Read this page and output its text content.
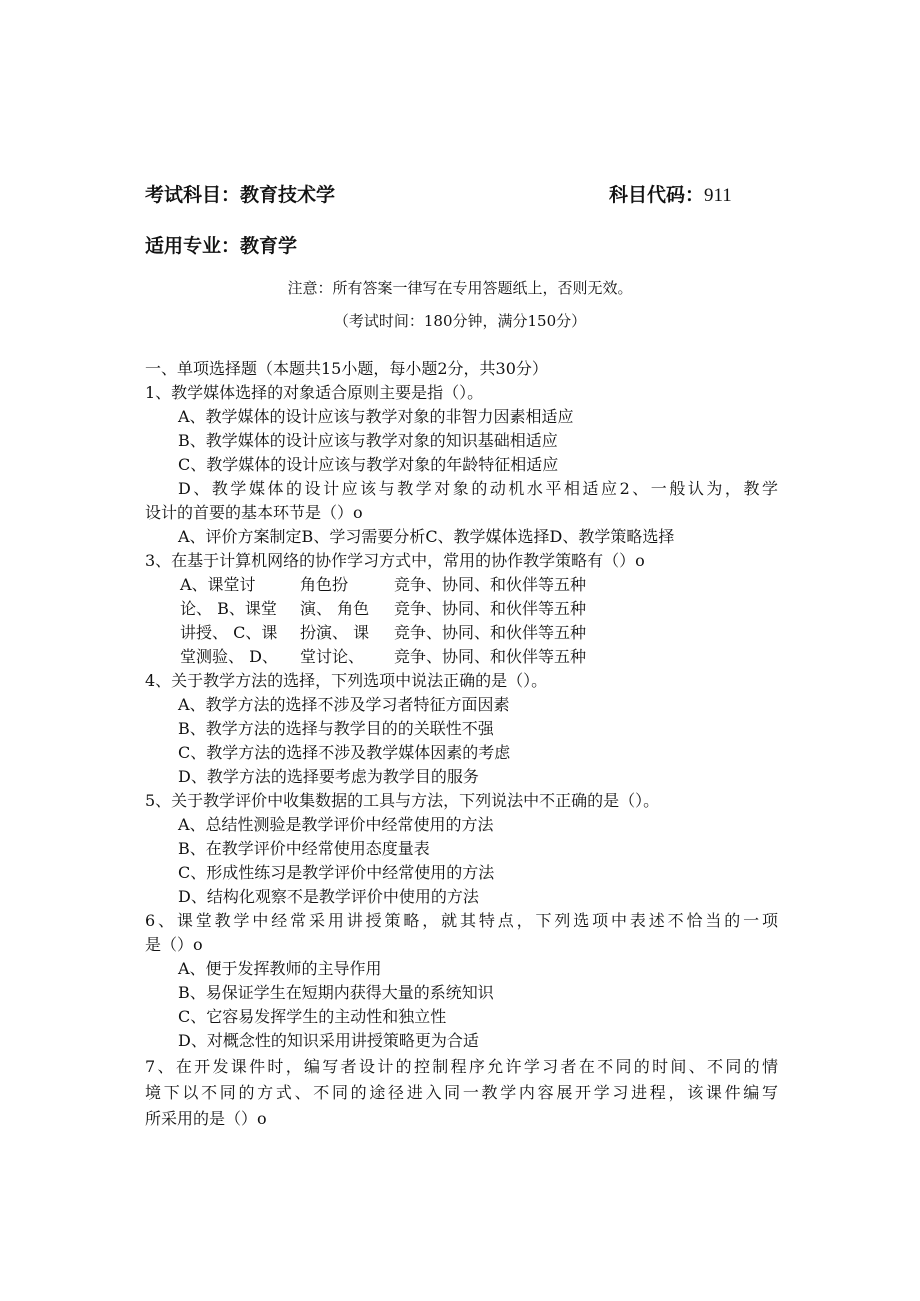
考试科目：教育技术学	科目代码：911
适用专业：教育学
注意：所有答案一律写在专用答题纸上，否则无效。
（考试时间：180分钟，满分150分）
一、单项选择题（本题共15小题，每小题2分，共30分）
1、教学媒体选择的对象适合原则主要是指（）。
A、教学媒体的设计应该与教学对象的非智力因素相适应
B、教学媒体的设计应该与教学对象的知识基础相适应
C、教学媒体的设计应该与教学对象的年龄特征相适应
D、教学媒体的设计应该与教学对象的动机水平相适应2、一般认为，教学
设计的首要的基本环节是（）o
A、评价方案制定B、学习需要分析C、教学媒体选择D、教学策略选择
3、在基于计算机网络的协作学习方式中，常用的协作教学策略有（）o
A、课堂讨
论、 B、课堂
讲授、 C、课
堂测验、 D、
角色扮
演、 角色
扮演、 课
堂讨论、
竞争、协同、和伙伴等五种
竞争、协同、和伙伴等五种
竞争、协同、和伙伴等五种
竞争、协同、和伙伴等五种
4、关于教学方法的选择，下列选项中说法正确的是（）。
A、教学方法的选择不涉及学习者特征方面因素
B、教学方法的选择与教学目的的关联性不强
C、教学方法的选择不涉及教学媒体因素的考虑
D、教学方法的选择要考虑为教学目的服务
5、关于教学评价中收集数据的工具与方法，下列说法中不正确的是（）。
A、总结性测验是教学评价中经常使用的方法
B、在教学评价中经常使用态度量表
C、形成性练习是教学评价中经常使用的方法
D、结构化观察不是教学评价中使用的方法
6、课堂教学中经常采用讲授策略，就其特点，下列选项中表述不恰当的一项
是（）o
A、便于发挥教师的主导作用
B、易保证学生在短期内获得大量的系统知识
C、它容易发挥学生的主动性和独立性
D、对概念性的知识采用讲授策略更为合适
7、在开发课件时，编写者设计的控制程序允许学习者在不同的时间、不同的情
境下以不同的方式、不同的途径进入同一教学内容展开学习进程，该课件编写
所采用的是（）o
